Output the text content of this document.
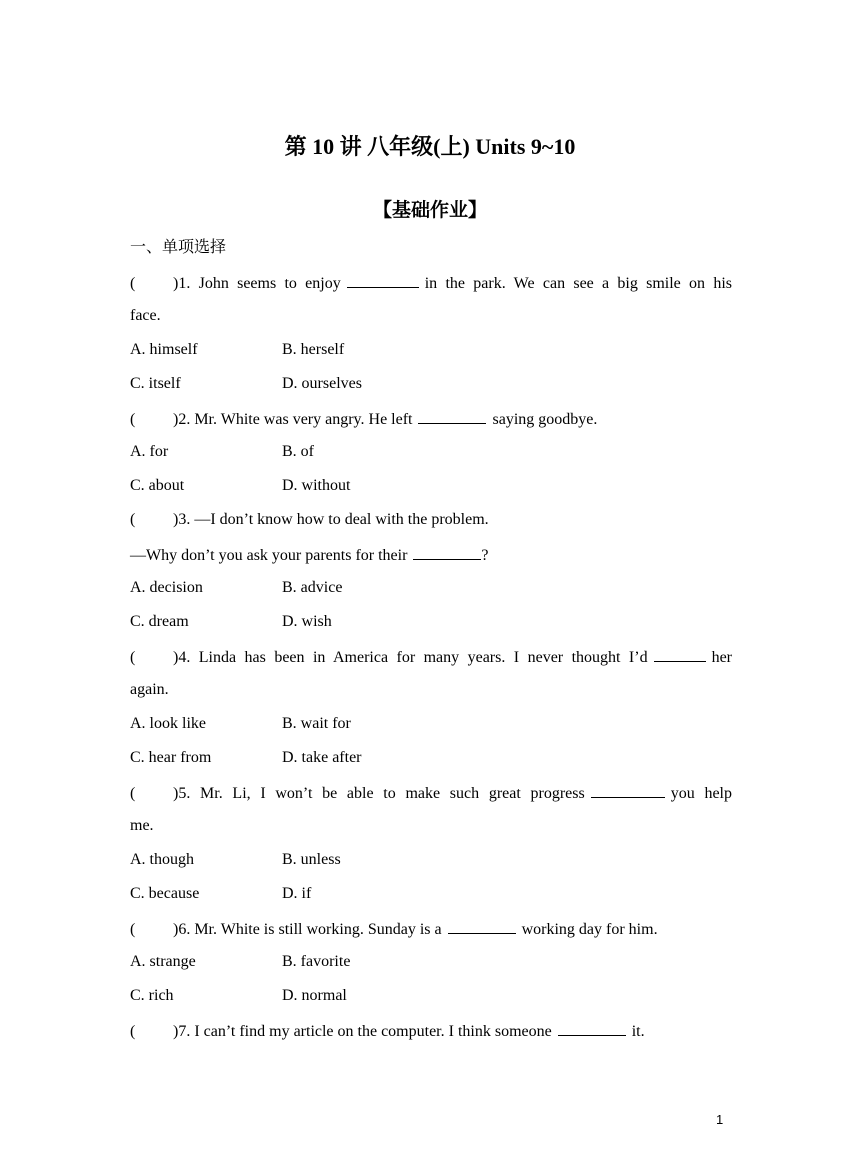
第 10 讲 八年级(上) Units 9~10
【基础作业】
一、单项选择
( )1. John seems to enjoy	in the park. We can see a big smile on his
face.
A. himself	B. herself
C. itself	D. ourselves
( )2. Mr. White was very angry. He left	saying goodbye.
A. for	B. of
C. about	D. without
( )3. —I don’t know how to deal with the problem.
—Why don’t you ask your parents for their	?
A. decision	B. advice
C. dream	D. wish
( )4. Linda has been in America for many years. I never thought I’d	her
again.
A. look like	B. wait for
C. hear from	D. take after
( )5. Mr. Li, I won’t be able to make such great progress	you help
me.
A. though	B. unless
C. because	D. if
( )6. Mr. White is still working. Sunday is a	working day for him.
A. strange	B. favorite
C. rich	D. normal
( )7. I can’t find my article on the computer. I think someone	it.
1
